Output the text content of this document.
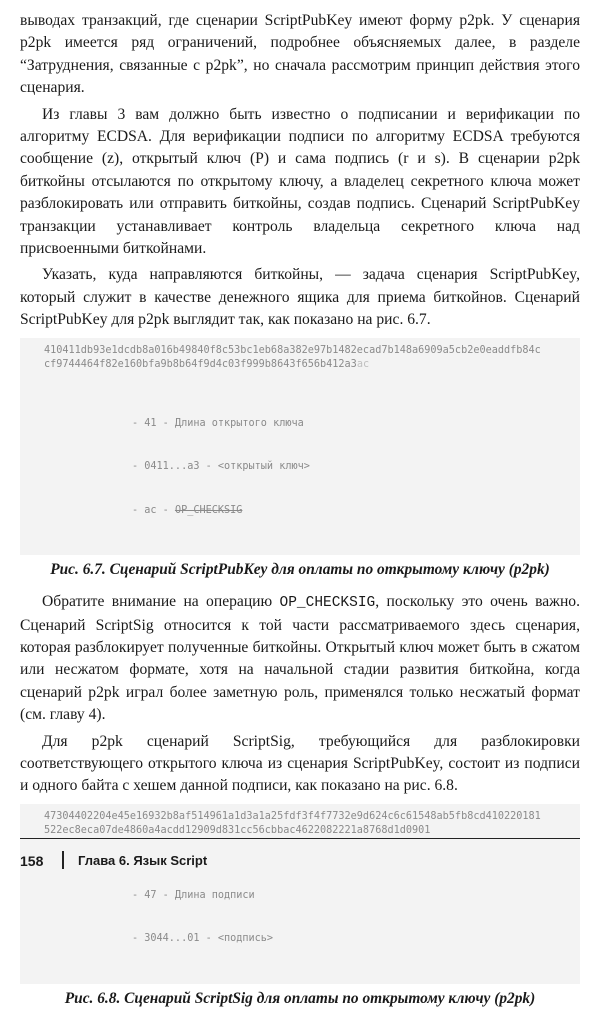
выводах транзакций, где сценарии ScriptPubKey имеют форму p2pk. У сценария p2pk имеется ряд ограничений, подробнее объясняемых далее, в разделе “Затруднения, связанные с p2pk”, но сначала рассмотрим принцип действия этого сценария.

Из главы 3 вам должно быть известно о подписании и верификации по алгоритму ECDSA. Для верификации подписи по алгоритму ECDSA требуются сообщение (z), открытый ключ (P) и сама подпись (r и s). В сценарии p2pk биткойны отсылаются по открытому ключу, а владелец секретного ключа может разблокировать или отправить биткойны, создав подпись. Сценарий ScriptPubKey транзакции устанавливает контроль владельца секретного ключа над присвоенными биткойнами.

Указать, куда направляются биткойны, — задача сценария ScriptPubKey, который служит в качестве денежного ящика для приема биткойнов. Сценарий ScriptPubKey для p2pk выглядит так, как показано на рис. 6.7.

410411db93e1dcdb8a016b49840f8c53bc1eb68a382e97b1482ecad7b148a6909a5cb2e0eaddfb84c
cf9744464f82e160bfa9b8b64f9d4c03f999b8643f656b412a3ac

- 41 - Длина открытого ключа

- 0411...a3 - <открытый ключ>

- ac - OP_CHECKSIG

Рис. 6.7. Сценарий ScriptPubKey для оплаты по открытому ключу (p2pk)

Обратите внимание на операцию OP_CHECKSIG, поскольку это очень важно. Сценарий ScriptSig относится к той части рассматриваемого здесь сценария, которая разблокирует полученные биткойны. Открытый ключ может быть в сжатом или несжатом формате, хотя на начальной стадии развития биткойна, когда сценарий p2pk играл более заметную роль, применялся только несжатый формат (см. главу 4).

Для p2pk сценарий ScriptSig, требующийся для разблокировки соответствующего открытого ключа из сценария ScriptPubKey, состоит из подписи и одного байта с хешем данной подписи, как показано на рис. 6.8.

47304402204e45e16932b8af514961a1d3a1a25fdf3f4f7732e9d624c6c61548ab5fb8cd410220181
522ec8eca07de4860a4acdd12909d831cc56cbbac4622082221a8768d1d0901

- 47 - Длина подписи

- 3044...01 - <подпись>

Рис. 6.8. Сценарий ScriptSig для оплаты по открытому ключу (p2pk)
158	Глава 6. Язык Script
